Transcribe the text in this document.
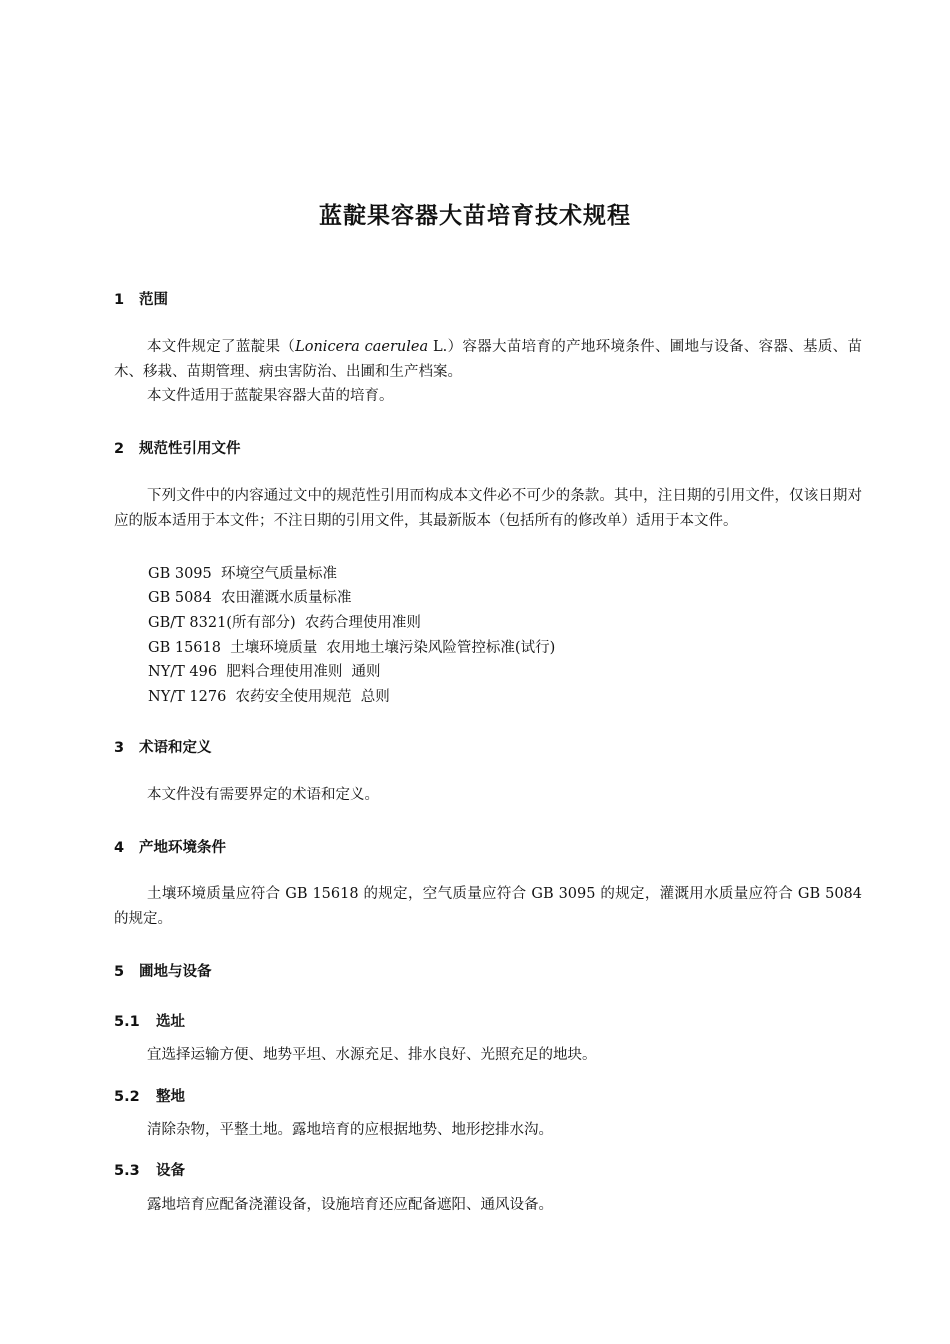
蓝靛果容器大苗培育技术规程
1 范围
本文件规定了蓝靛果（Lonicera caerulea L.）容器大苗培育的产地环境条件、圃地与设备、容器、基质、苗木、移栽、苗期管理、病虫害防治、出圃和生产档案。
本文件适用于蓝靛果容器大苗的培育。
2 规范性引用文件
下列文件中的内容通过文中的规范性引用而构成本文件必不可少的条款。其中，注日期的引用文件，仅该日期对应的版本适用于本文件；不注日期的引用文件，其最新版本（包括所有的修改单）适用于本文件。
GB 3095  环境空气质量标准
GB 5084  农田灌溉水质量标准
GB/T 8321(所有部分)  农药合理使用准则
GB 15618  土壤环境质量  农用地土壤污染风险管控标准(试行)
NY/T 496  肥料合理使用准则  通则
NY/T 1276  农药安全使用规范  总则
3 术语和定义
本文件没有需要界定的术语和定义。
4 产地环境条件
土壤环境质量应符合 GB 15618 的规定，空气质量应符合 GB 3095 的规定，灌溉用水质量应符合 GB 5084 的规定。
5 圃地与设备
5.1 选址
宜选择运输方便、地势平坦、水源充足、排水良好、光照充足的地块。
5.2 整地
清除杂物，平整土地。露地培育的应根据地势、地形挖排水沟。
5.3 设备
露地培育应配备浇灌设备，设施培育还应配备遮阳、通风设备。
